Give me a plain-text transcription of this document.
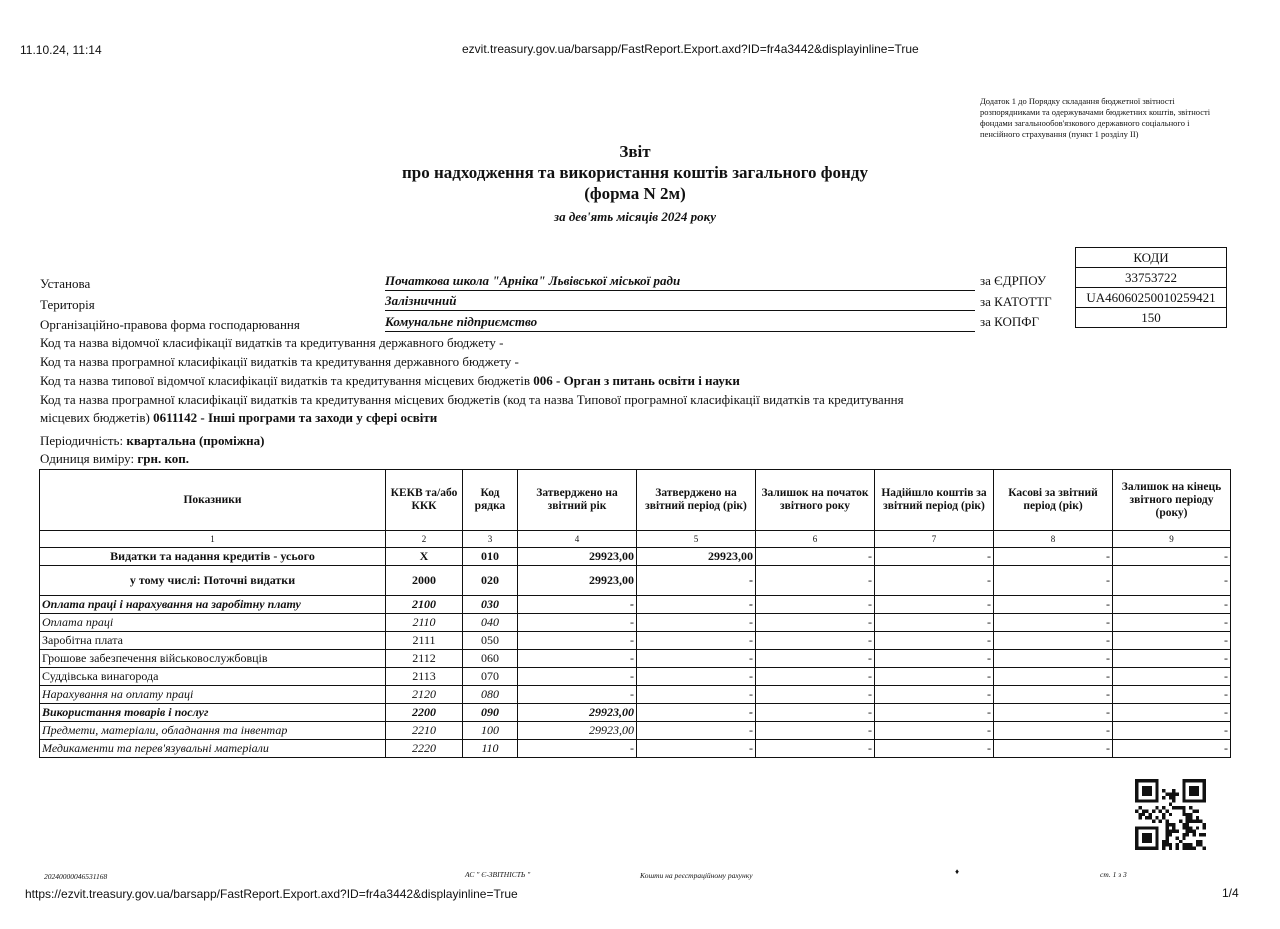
11.10.24, 11:14	ezvit.treasury.gov.ua/barsapp/FastReport.Export.axd?ID=fr4a3442&displayinline=True
Додаток 1 до Порядку складання бюджетної звітності розпорядниками та одержувачами бюджетних коштів, звітності фондами загальнообов'язкового державного соціального і пенсійного страхування (пункт 1 розділу ІІ)
Звіт
про надходження та використання коштів загального фонду
(форма N 2м)
за дев'ять місяців 2024 року
КОДИ
33753722
UA46060250010259421
150
Установа	Початкова школа "Арніка" Львівської міської ради	за ЄДРПОУ
Територія	Залізничний	за КАТОТТГ
Організаційно-правова форма господарювання	Комунальне підприємство	за КОПФГ
Код та назва відомчої класифікації видатків та кредитування державного бюджету -
Код та назва програмної класифікації видатків та кредитування державного бюджету -
Код та назва типової відомчої класифікації видатків та кредитування місцевих бюджетів 006 - Орган з питань освіти і науки
Код та назва програмної класифікації видатків та кредитування місцевих бюджетів (код та назва Типової програмної класифікації видатків та кредитування
місцевих бюджетів) 0611142 - Інші програми та заходи у сфері освіти
Періодичність: квартальна (проміжна)
Одиниця виміру: грн. коп.
Показники	КЕКВ та/або ККК	Код рядка	Затверджено на звітний рік	Затверджено на звітний період (рік)	Залишок на початок звітного року	Надійшло коштів за звітний період (рік)	Касові за звітний період (рік)	Залишок на кінець звітного періоду (року)
1	2	3	4	5	6	7	8	9
Видатки та надання кредитів - усього	X	010	29923,00	29923,00	-	-	-	-
у тому числі: Поточні видатки	2000	020	29923,00	-	-	-	-	-
Оплата праці і нарахування на заробітну плату	2100	030	-	-	-	-	-	-
Оплата праці	2110	040	-	-	-	-	-	-
Заробітна плата	2111	050	-	-	-	-	-	-
Грошове забезпечення військовослужбовців	2112	060	-	-	-	-	-	-
Суддівська винагорода	2113	070	-	-	-	-	-	-
Нарахування на оплату праці	2120	080	-	-	-	-	-	-
Використання товарів і послуг	2200	090	29923,00	-	-	-	-	-
Предмети, матеріали, обладнання та інвентар	2210	100	29923,00	-	-	-	-	-
Медикаменти та перев'язувальні матеріали	2220	110	-	-	-	-	-	-
20240000046531168	АС " Є-ЗВІТНІСТЬ "	Кошти на реєстраційному рахунку	♦	ст. 1 з 3
https://ezvit.treasury.gov.ua/barsapp/FastReport.Export.axd?ID=fr4a3442&displayinline=True	1/4
